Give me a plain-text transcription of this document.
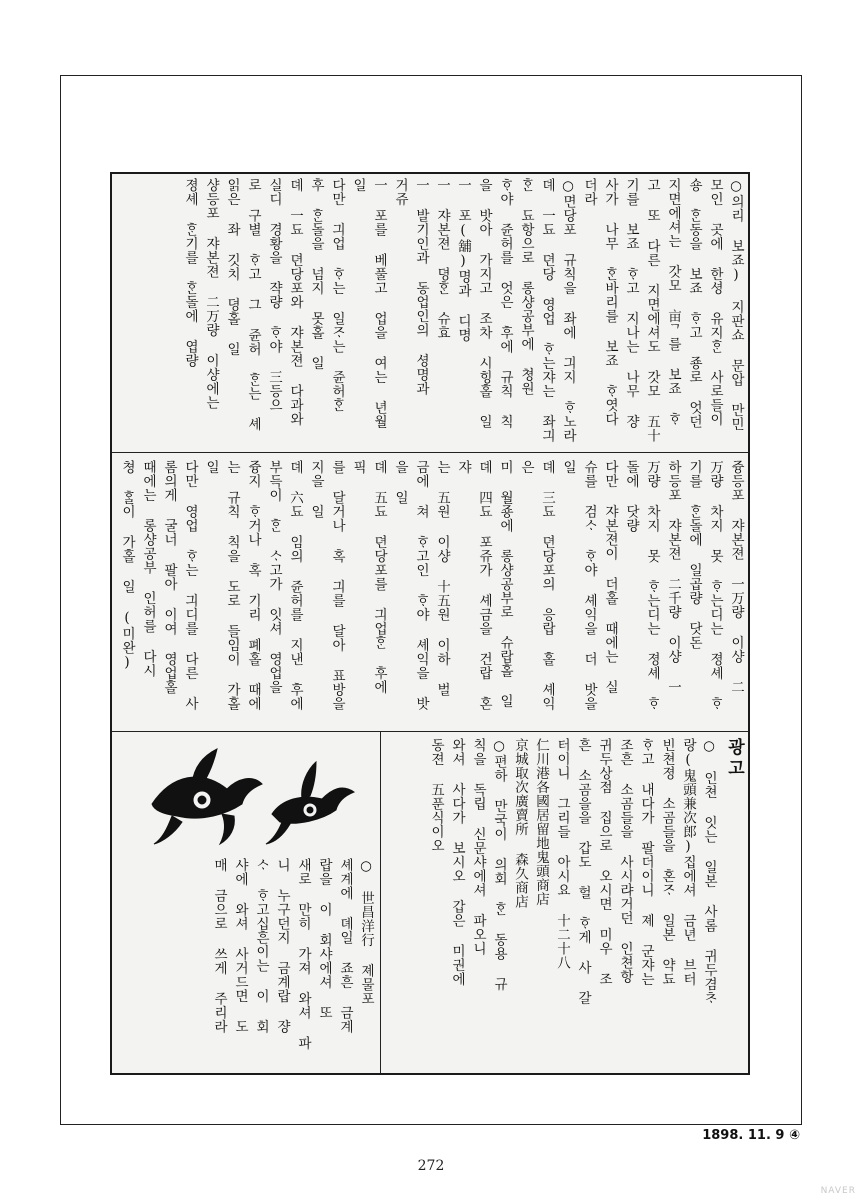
○의리 보죠) 지판쇼 문압 만민

모인 곳에 한셩 유지ᄒᆞᆫ 사로들이

숑 ᄒᆞᆫ동을 보죠 ᄒᆞ고 죵로 엇던

지면에셔는 갓모 亩ᄀ를 보죠 ᄒᆞ

고 또 다른 지면에셔도 갓모 五十

기를 보죠 ᄒᆞ고 지나는 나무 쟝

사가 나무 ᄒᆞᆫ바리를 보죠 ᄒᆞ엿다

더라

○면당포 규칙을 좌에 긔지 ᄒᆞ노라

뎨 一됴 뎐당 영업 ᄒᆞ는쟈는 좌긔

ᄒᆞᆫ 됴항으로 롱샹공부에 쳥원

ᄒᆞ야 쥰허를 엇은 후에 규칙 칙

을 밧아 가지고 조차 시힝홀 일

一 포(舖)명과 디명

一 쟈본젼 뎡ᄒᆞᆫ 슈효

一 발기인과 동업인의 셩명과

거쥬

一 포를 베풀고 업을 여는 년월

일

다만 긔업 ᄒᆞ는 일ᄌᆞ는 쥰허ᄒᆞᆫ

후 ᄒᆞᆫ돌을 넘지 못홀 일

뎨 一됴 뎐당포와 쟈본젼 다과와

실디 경황을 쟉량 ᄒᆞ야 三등으

로 구별 ᄒᆞ고 그 쥰허 ᄒᆞᆫ는 셰

읽은 좌 깃치 뎡홀 일

샹등포 쟈본젼 二万량 이샹에는

졍셰 ᄒᆞᆫ기를 ᄒᆞᆫ돌에 엽량

즁등포 쟈본젼 一万량 이샹 二

万량 차지 못 ᄒᆞ는디는 졍셰 ᄒᆞ

기를 ᄒᆞᆫ돌에 일곱량 닷돈

하등포 쟈본젼 二千량 이샹 一

万량 차지 못 ᄒᆞ는디는 졍셰 ᄒᆞ

돌에 닷량

다만 쟈본젼이 더홀 때에는 실

슈를 검ᄉᆞ ᄒᆞ야 셰익을 더 밧을

일

뎨 三됴 뎐당포의 응랍 홀 셰익은

미 월죵에 롱샹공부로 슈랍홀 일

뎨 四됴 포쥬가 셰금을 건랍 혼쟈

는 五원 이샹 十五원 이하 벌

금에 쳐 ᄒᆞ고인 ᄒᆞ야 셰익을 밧

을 일

뎨 五됴 뎐당포를 긔업ᄒᆞᆫ 후에 픽

를 달거나 혹 긔를 달아 표방을

지을 일

뎨 六됴 임의 쥰허를 지낸 후에

부득이 ᄒᆞᆫ ᄉᆞ고가 잇셔 영업을

즁지 ᄒᆞ거나 혹 기리 폐홀 때에

는 규칙 칙을 도로 들임이 가홀

일

다만 영업 ᄒᆞ는 긔디를 다른 사

롬의게 굴너 팔아 이여 영업홀

때에는 롱샹공부 인허를 다시

쳥 ᄒᆞᆯ이 가홀 일 (미완)

광고

○ 인쳔 잇는 일본 사롬 귀두겸ᄎᆞ

랑(鬼頭兼次郎)집에셔 금년 브터

빈쳔졍 소곰들을 혼ᄌᆞ 일본 약됴

ᄒᆞ고 내다가 팔더이니 졔 군쟈는

조흔 소곰들을 사시랴거던 인쳔항

귀두상점 집으로 오시면 미우 조

흔 소곰을을 갑도 헐 ᄒᆞ게 사 갈

터이니 그리들 아시요 十二十八

仁川港各國居留地鬼頭商店

京城取次廣賣所 森久商店

○편하 만국이 의회 ᄒᆞᆫ 동용 규

칙을 독립 신문샤에셔 파오니

와셔 사다가 보시오 갑은 미권에

동젼 五푼식이오

○ 世昌洋行 졔물포

셰계에 뎨일 죠흔 금계

랍을 이 회샤에셔 또

새로 만히 가져 와셔 파

니 누구던지 금계랍 쟝

ᄉᆞ ᄒᆞ고십흔이는 이 회

샤에 와셔 사거드면 도

매 금으로 쓰게 주리라

1898. 11. 9 ④
272
NAVER
